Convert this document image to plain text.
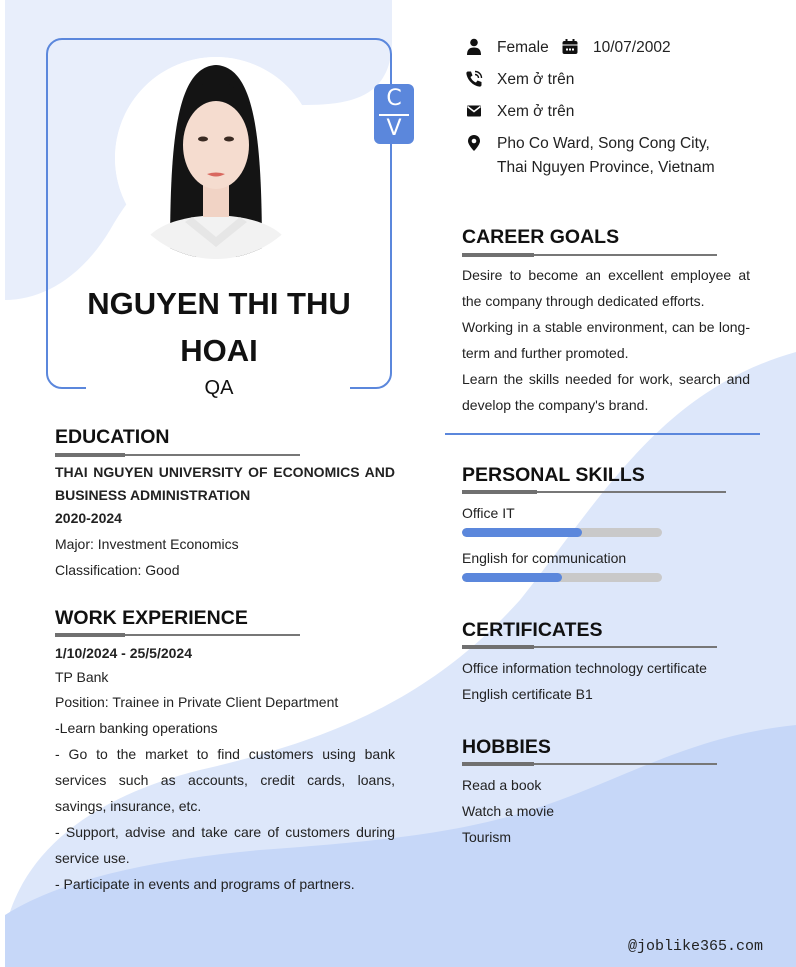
NGUYEN THI THU HOAI
QA
C
V
Female	10/07/2002
Xem ở trên
Xem ở trên
Pho Co Ward, Song Cong City,
Thai Nguyen Province, Vietnam
EDUCATION
THAI NGUYEN UNIVERSITY OF ECONOMICS AND BUSINESS ADMINISTRATION
2020-2024
Major: Investment Economics
Classification: Good
WORK EXPERIENCE
1/10/2024 - 25/5/2024
TP Bank
Position: Trainee in Private Client Department
-Learn banking operations
- Go to the market to find customers using bank services such as accounts, credit cards, loans, savings, insurance, etc.
- Support, advise and take care of customers during service use.
- Participate in events and programs of partners.
CAREER GOALS
Desire to become an excellent employee at the company through dedicated efforts.
Working in a stable environment, can be long-term and further promoted.
Learn the skills needed for work, search and develop the company's brand.
PERSONAL SKILLS
Office IT
English for communication
CERTIFICATES
Office information technology certificate
English certificate B1
HOBBIES
Read a book
Watch a movie
Tourism
@joblike365.com
